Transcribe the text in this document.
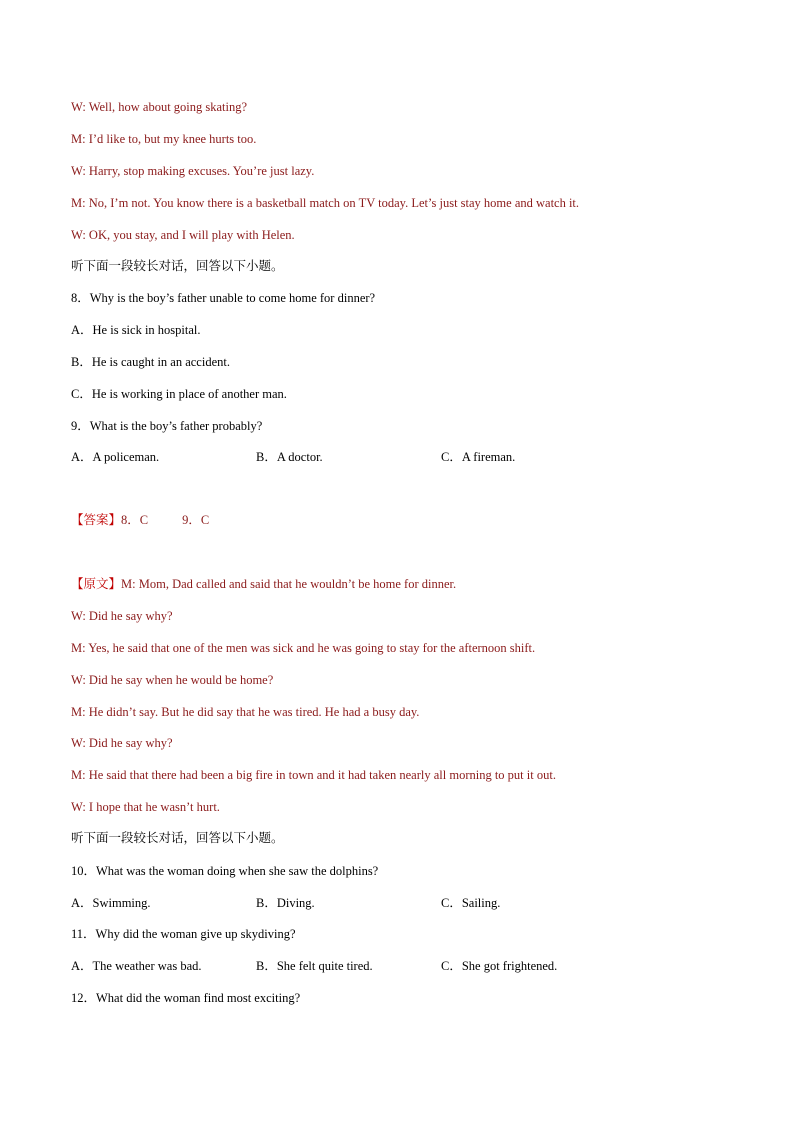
W: Well, how about going skating?
M: I’d like to, but my knee hurts too.
W: Harry, stop making excuses. You’re just lazy.
M: No, I’m not. You know there is a basketball match on TV today. Let’s just stay home and watch it.
W: OK, you stay, and I will play with Helen.
听下面一段较长对话，回答以下小题。
8．Why is the boy’s father unable to come home for dinner?
A．He is sick in hospital.
B．He is caught in an accident.
C．He is working in place of another man.
9．What is the boy’s father probably?
A．A policeman.	B．A doctor.	C．A fireman.
【答案】8．C	9．C
【原文】M: Mom, Dad called and said that he wouldn’t be home for dinner.
W: Did he say why?
M: Yes, he said that one of the men was sick and he was going to stay for the afternoon shift.
W: Did he say when he would be home?
M: He didn’t say. But he did say that he was tired. He had a busy day.
W: Did he say why?
M: He said that there had been a big fire in town and it had taken nearly all morning to put it out.
W: I hope that he wasn’t hurt.
听下面一段较长对话，回答以下小题。
10．What was the woman doing when she saw the dolphins?
A．Swimming.	B．Diving.	C．Sailing.
11．Why did the woman give up skydiving?
A．The weather was bad.	B．She felt quite tired.	C．She got frightened.
12．What did the woman find most exciting?
